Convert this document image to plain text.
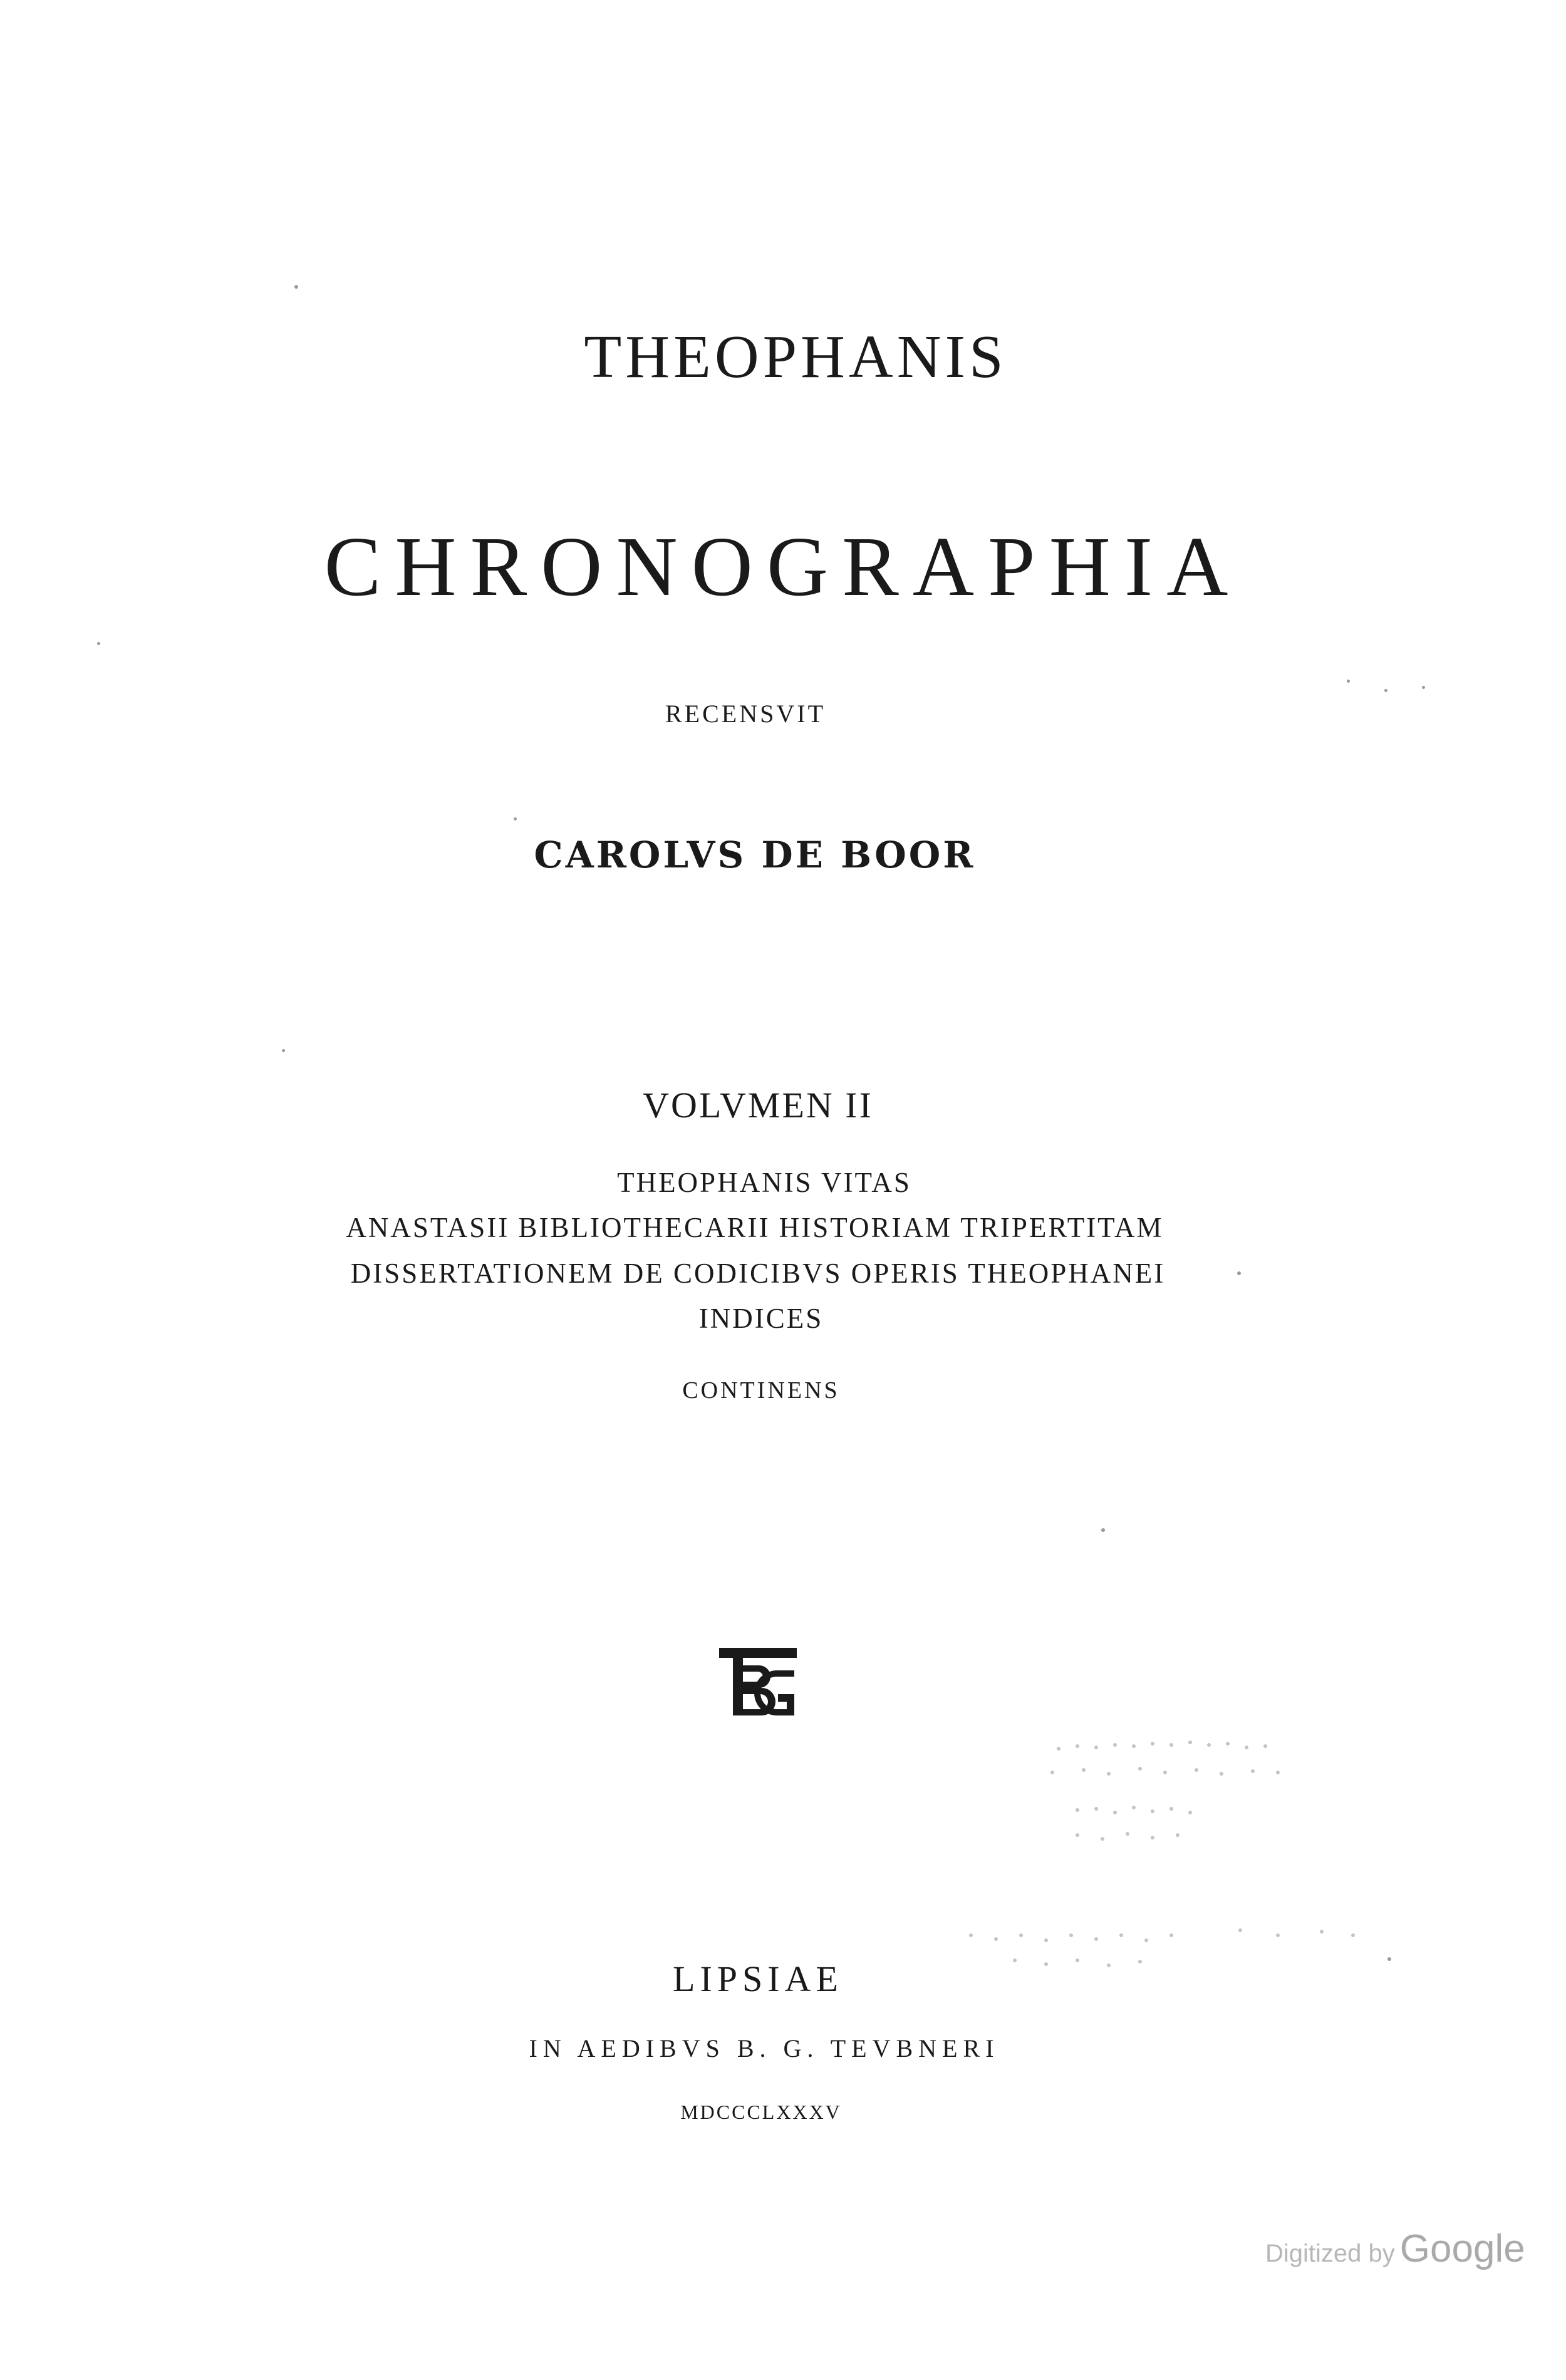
THEOPHANIS
CHRONOGRAPHIA

RECENSVIT

CAROLVS DE BOOR

VOLVMEN II

THEOPHANIS VITAS

ANASTASII BIBLIOTHECARII HISTORIAM TRIPERTITAM

DISSERTATIONEM DE CODICIBVS OPERIS THEOPHANEI

INDICES

CONTINENS

LIPSIAE

IN AEDIBVS B. G. TEVBNERI

MDCCCLXXXV

Digitized by Google
